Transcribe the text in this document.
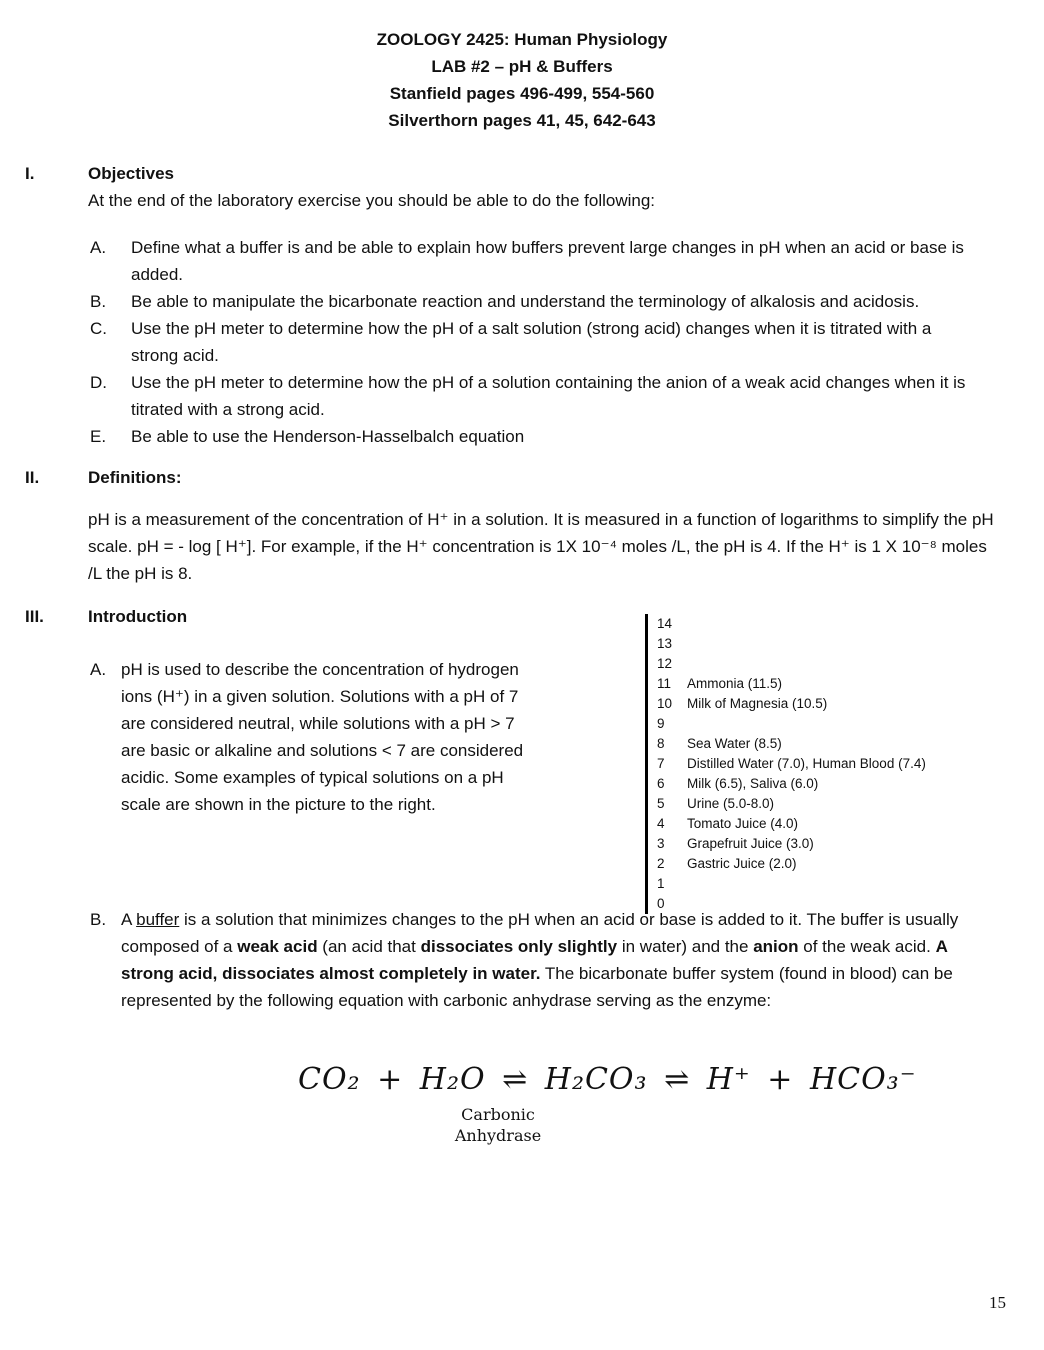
ZOOLOGY 2425: Human Physiology
LAB #2 – pH & Buffers
Stanfield pages 496-499, 554-560
Silverthorn pages 41, 45, 642-643
I.	Objectives

At the end of the laboratory exercise you should be able to do the following:

A.	Define what a buffer is and be able to explain how buffers prevent large changes in pH when an acid or base is added.
B.	Be able to manipulate the bicarbonate reaction and understand the terminology of alkalosis and acidosis.
C.	Use the pH meter to determine how the pH of a salt solution (strong acid) changes when it is titrated with a strong acid.
D.	Use the pH meter to determine how the pH of a solution containing the anion of a weak acid changes when it is titrated with a strong acid.
E.	Be able to use the Henderson-Hasselbalch equation
II.	Definitions:

pH is a measurement of the concentration of H⁺ in a solution. It is measured in a function of logarithms to simplify the pH scale. pH = - log [ H⁺]. For example, if the H⁺ concentration is 1X 10⁻⁴ moles /L, the pH is 4. If the H⁺ is 1 X 10⁻⁸ moles /L the pH is 8.

III.	Introduction
A. pH is used to describe the concentration of hydrogen ions (H⁺) in a given solution. Solutions with a pH of 7 are considered neutral, while solutions with a pH > 7 are basic or alkaline and solutions < 7 are considered acidic. Some examples of typical solutions on a pH scale are shown in the picture to the right.
B. A buffer is a solution that minimizes changes to the pH when an acid or base is added to it. The buffer is usually composed of a weak acid (an acid that dissociates only slightly in water) and the anion of the weak acid. A strong acid, dissociates almost completely in water. The bicarbonate buffer system (found in blood) can be represented by the following equation with carbonic anhydrase serving as the enzyme:
14
13
12
11	Ammonia (11.5)
10	Milk of Magnesia (10.5)
9
8	Sea Water (8.5)
7	Distilled Water (7.0), Human Blood (7.4)
6	Milk (6.5), Saliva (6.0)
5	Urine (5.0-8.0)
4	Tomato Juice (4.0)
3	Grapefruit Juice (3.0)
2	Gastric Juice (2.0)
1
0
CO₂ + H₂O ⇌ H₂CO₃ ⇌ H⁺ + HCO₃⁻
Carbonic
Anhydrase
15
